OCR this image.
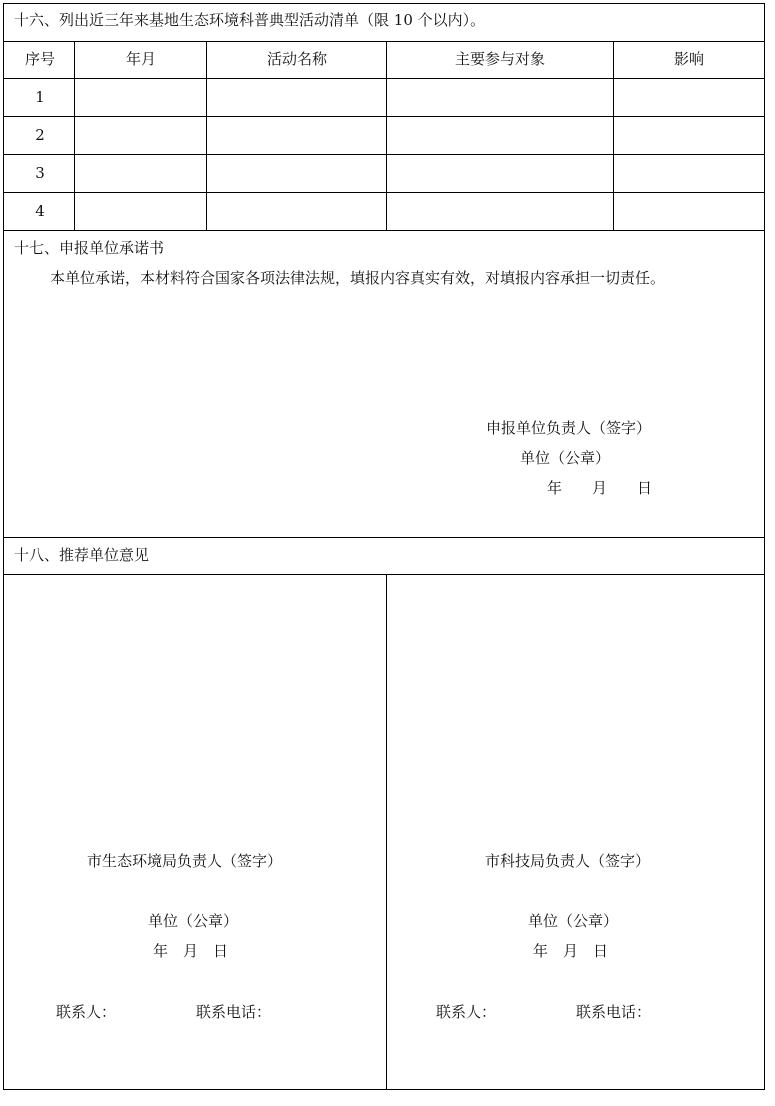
十六、列出近三年来基地生态环境科普典型活动清单（限 10 个以内）。
序号	年月	活动名称	主要参与对象	影响
1
2
3
4
十七、申报单位承诺书
本单位承诺，本材料符合国家各项法律法规，填报内容真实有效，对填报内容承担一切责任。
申报单位负责人（签字）
单位（公章）
年　　月　　日
十八、推荐单位意见
市生态环境局负责人（签字）
单位（公章）
年　月　日
联系人：	联系电话：
市科技局负责人（签字）
单位（公章）
年　月　日
联系人：	联系电话：
